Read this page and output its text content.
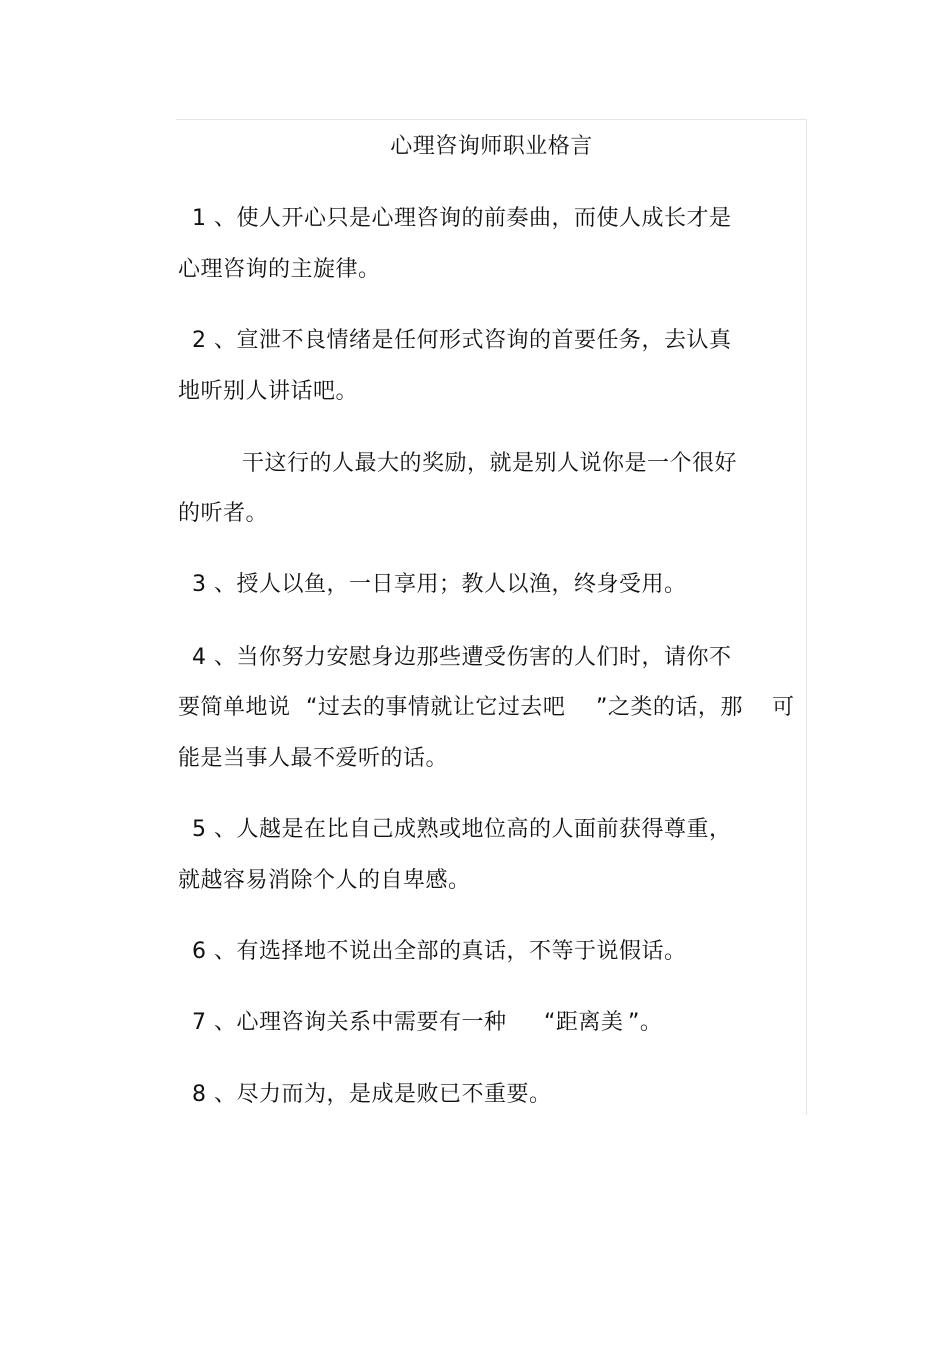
心理咨询师职业格言
1 、使人开心只是心理咨询的前奏曲，而使人成长才是
心理咨询的主旋律。
2 、宣泄不良情绪是任何形式咨询的首要任务，去认真
地听别人讲话吧。
干这行的人最大的奖励，就是别人说你是一个很好
的听者。
3 、授人以鱼，一日享用；教人以渔，终身受用。
4 、当你努力安慰身边那些遭受伤害的人们时，请你不
要简单地说 “过去的事情就让它过去吧 ”之类的话，那 可
能是当事人最不爱听的话。
5 、人越是在比自己成熟或地位高的人面前获得尊重，
就越容易消除个人的自卑感。
6 、有选择地不说出全部的真话，不等于说假话。
7 、心理咨询关系中需要有一种 “距离美 ”。
8 、尽力而为，是成是败已不重要。
